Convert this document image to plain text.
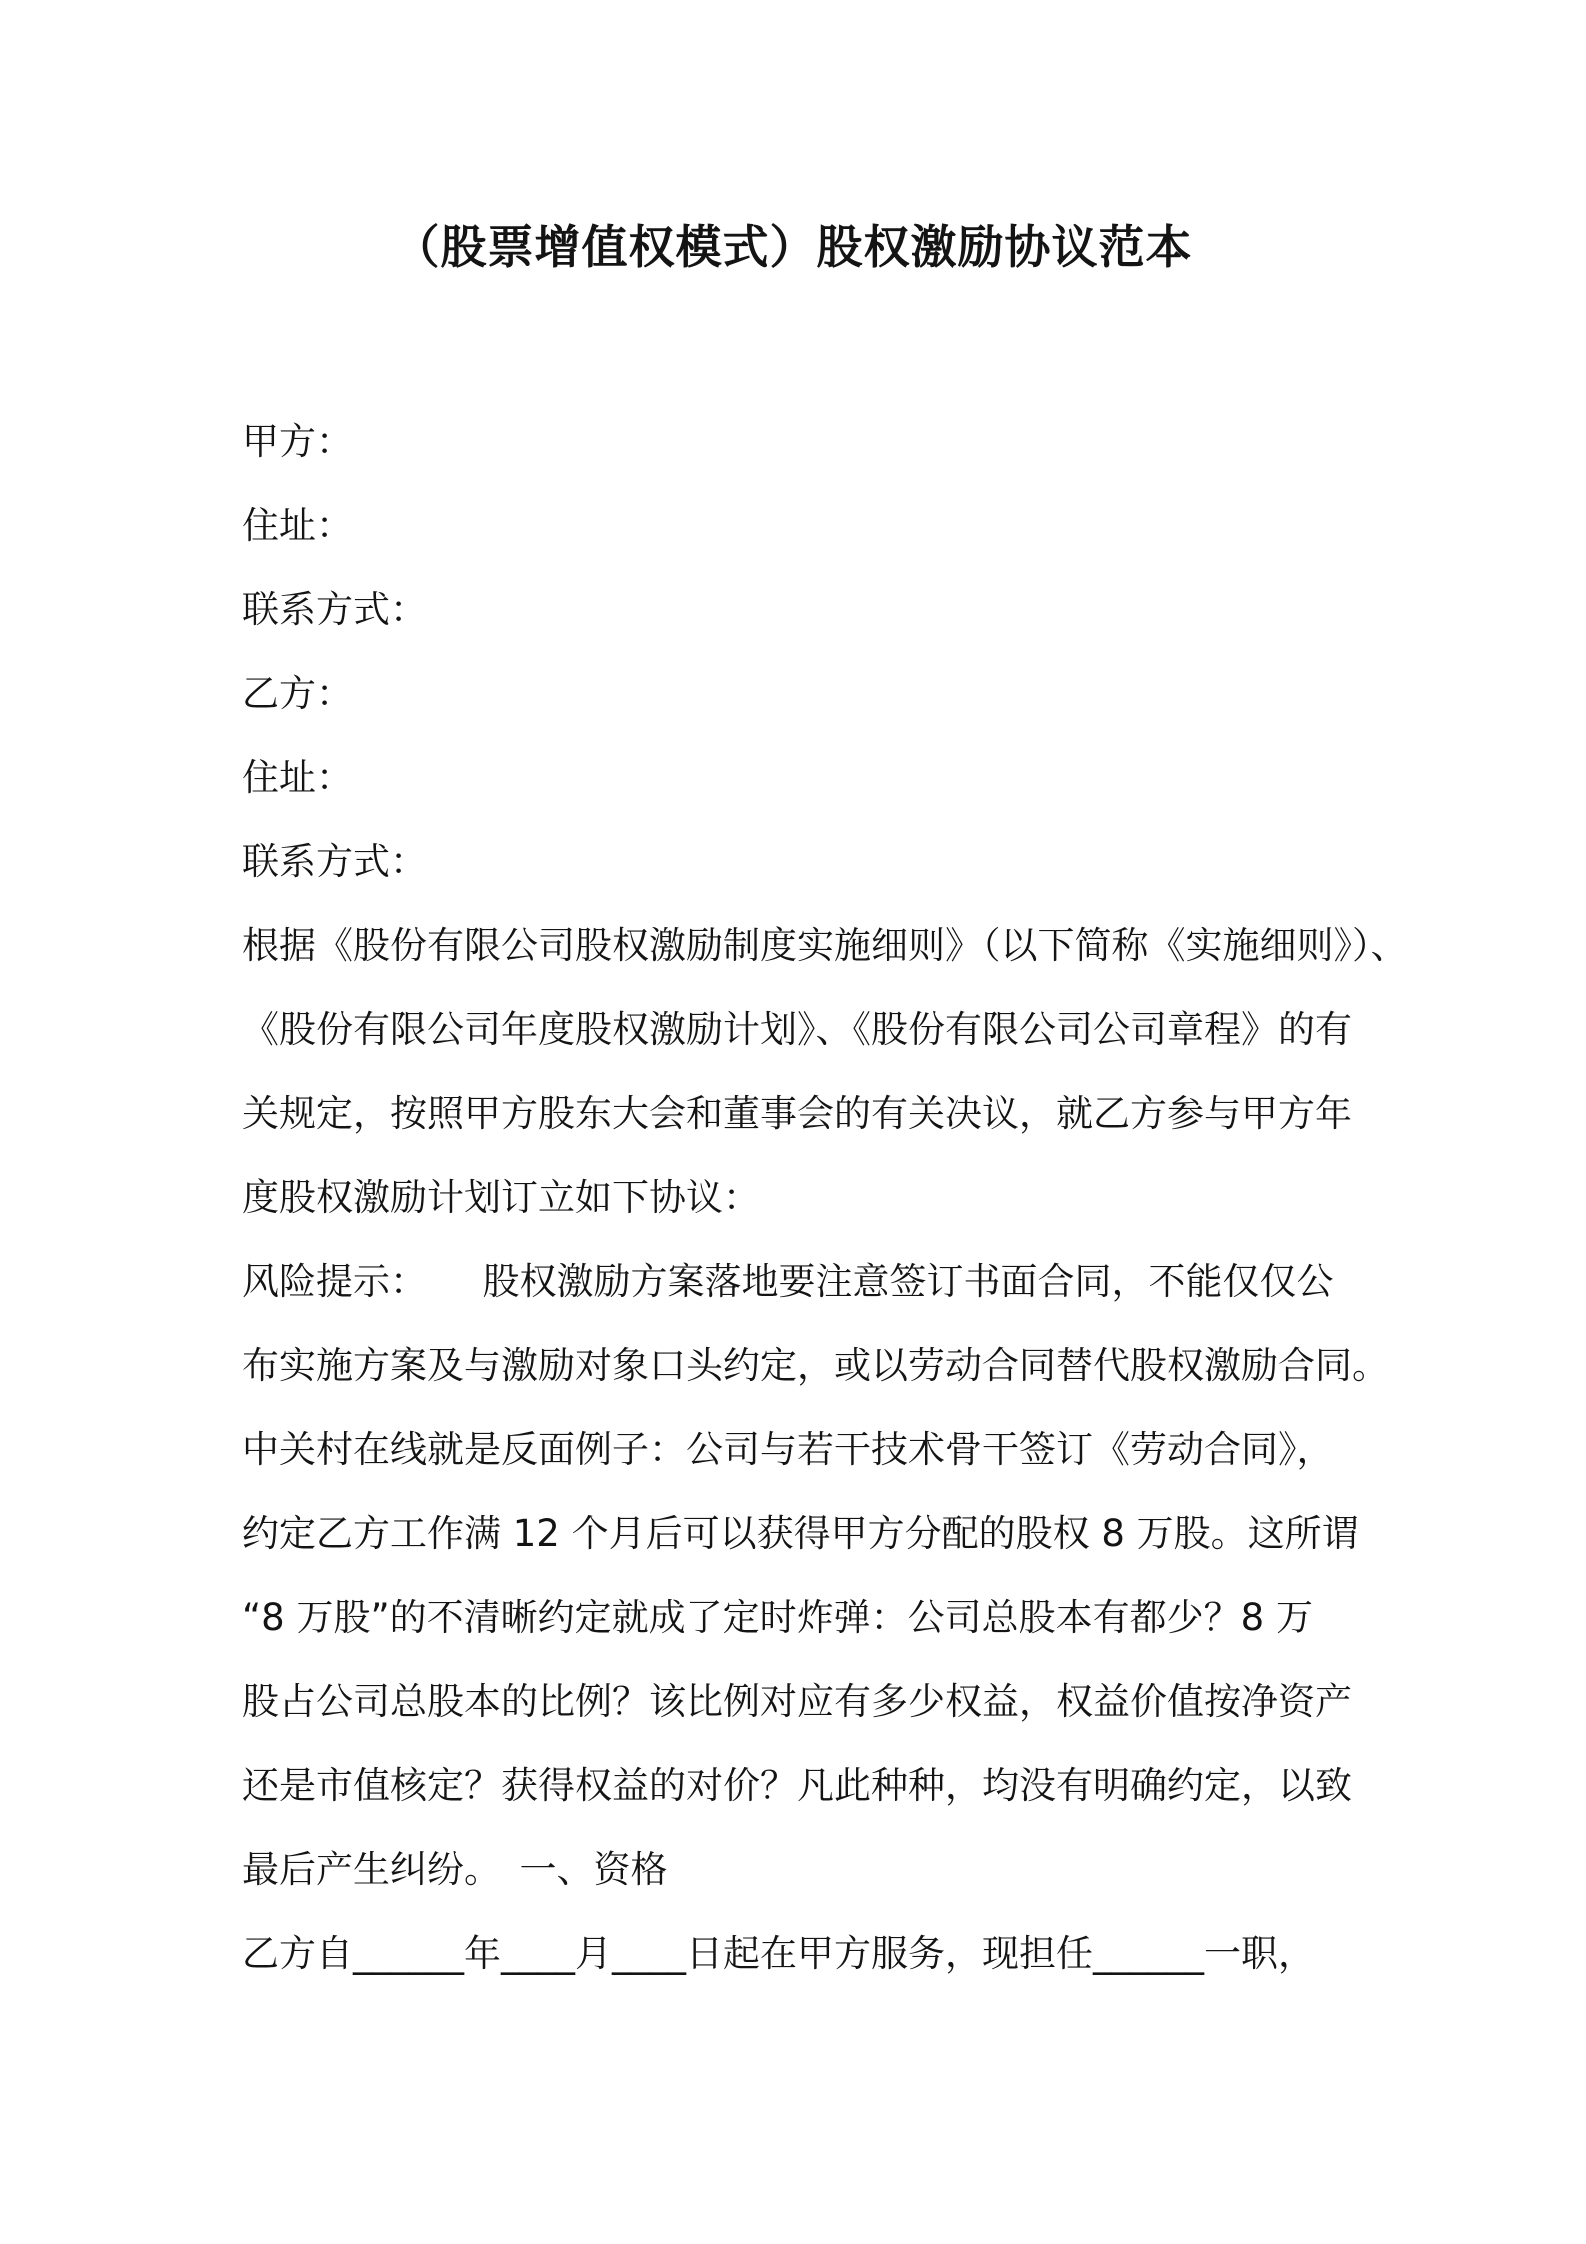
（股票增值权模式）股权激励协议范本
甲方：
住址：
联系方式：
乙方：
住址：
联系方式：
根据《股份有限公司股权激励制度实施细则》（以下简称《实施细则》）、
《股份有限公司年度股权激励计划》、《股份有限公司公司章程》的有
关规定，按照甲方股东大会和董事会的有关决议，就乙方参与甲方年
度股权激励计划订立如下协议：
风险提示：　　股权激励方案落地要注意签订书面合同，不能仅仅公
布实施方案及与激励对象口头约定，或以劳动合同替代股权激励合同。
中关村在线就是反面例子：公司与若干技术骨干签订《劳动合同》，
约定乙方工作满 12 个月后可以获得甲方分配的股权 8 万股。这所谓
“8 万股”的不清晰约定就成了定时炸弹：公司总股本有都少？8 万
股占公司总股本的比例？该比例对应有多少权益，权益价值按净资产
还是市值核定？获得权益的对价？凡此种种，均没有明确约定，以致
最后产生纠纷。　一、资格
乙方自______年____月____日起在甲方服务，现担任______一职，
